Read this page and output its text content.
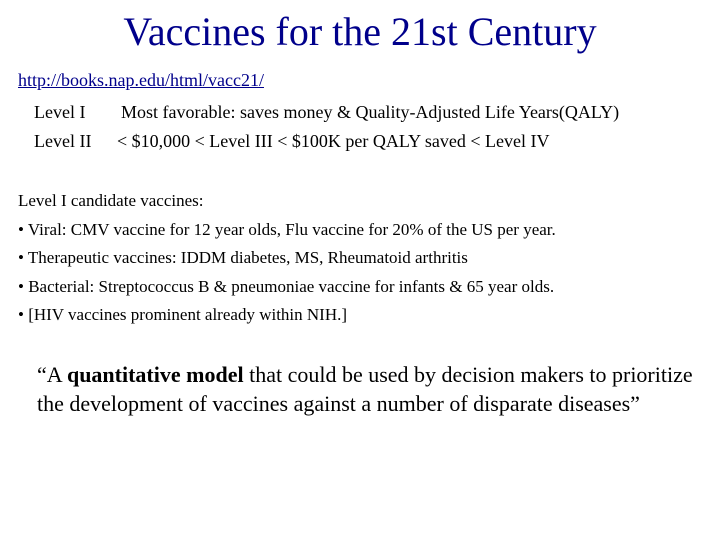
Vaccines for the 21st Century
http://books.nap.edu/html/vacc21/
Level I Most favorable: saves money & Quality-Adjusted Life Years(QALY)
Level II < $10,000 < Level III < $100K per QALY saved < Level IV
Level I candidate vaccines:
• Viral: CMV vaccine for 12 year olds, Flu vaccine for 20% of the US per year.
• Therapeutic vaccines: IDDM diabetes, MS, Rheumatoid arthritis
• Bacterial: Streptococcus B & pneumoniae vaccine for infants & 65 year olds.
• [HIV vaccines prominent already within NIH.]
“A quantitative model that could be used by decision makers to prioritize the development of vaccines against a number of disparate diseases”
